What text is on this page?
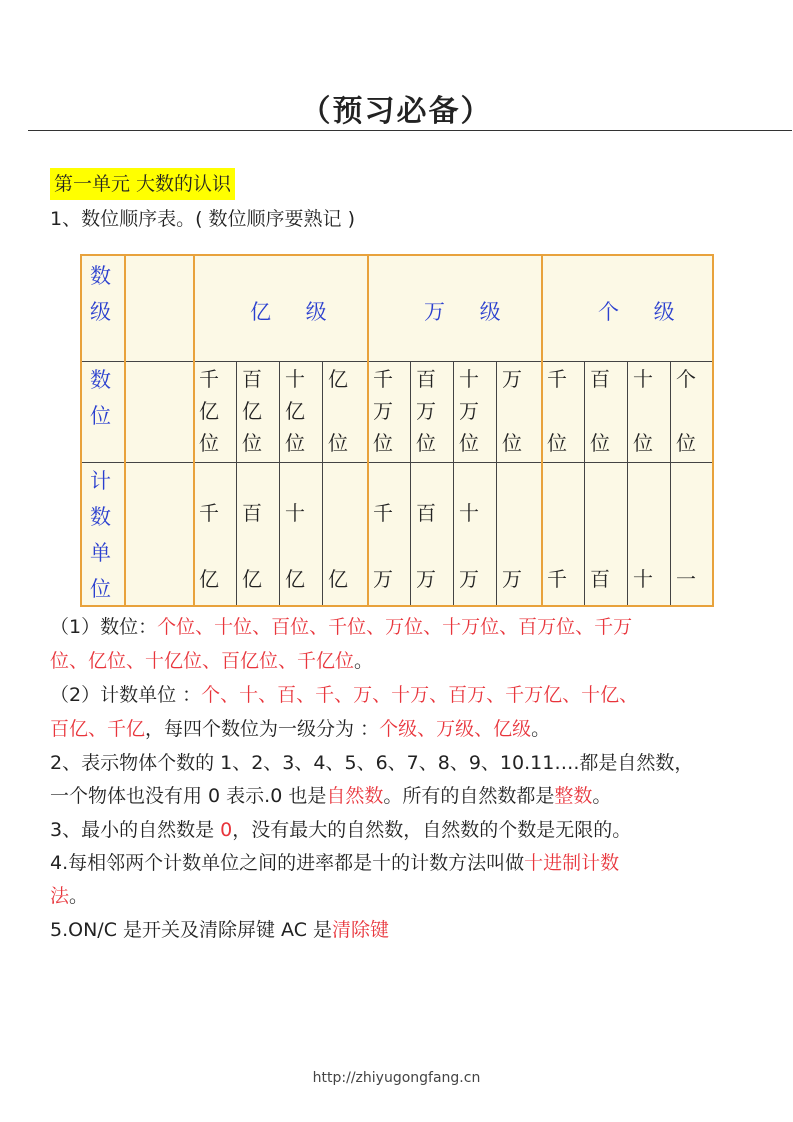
（预习必备）
第一单元 大数的认识
1、数位顺序表。( 数位顺序要熟记 )
数
级
数
位
计
数
单
位
亿 级	万 级	个 级
千
亿
位
百
亿
位
十
亿
位
亿
位
千
万
位
百
万
位
十
万
位
万
位
千
位
百
位
十
位
个
位
千
亿
百
亿
十
亿 亿
千
万
百
万
十
万 万 千 百 十 一
（1）数位：个位、十位、百位、千位、万位、十万位、百万位、千万
位、亿位、十亿位、百亿位、千亿位。
（2）计数单位 ：个、十、百、千、万、十万、百万、千万亿、十亿、
百亿、千亿，每四个数位为一级分为 ：个级、万级、亿级。
2、表示物体个数的 1、2、3、4、5、6、7、8、9、10.11….都是自然数，
一个物体也没有用 0 表示.0 也是自然数。所有的自然数都是整数。
3、最小的自然数是 0，没有最大的自然数，自然数的个数是无限的。
4.每相邻两个计数单位之间的进率都是十的计数方法叫做十进制计数
法。
5.ON/C 是开关及清除屏键 AC 是清除键
http://zhiyugongfang.cn
